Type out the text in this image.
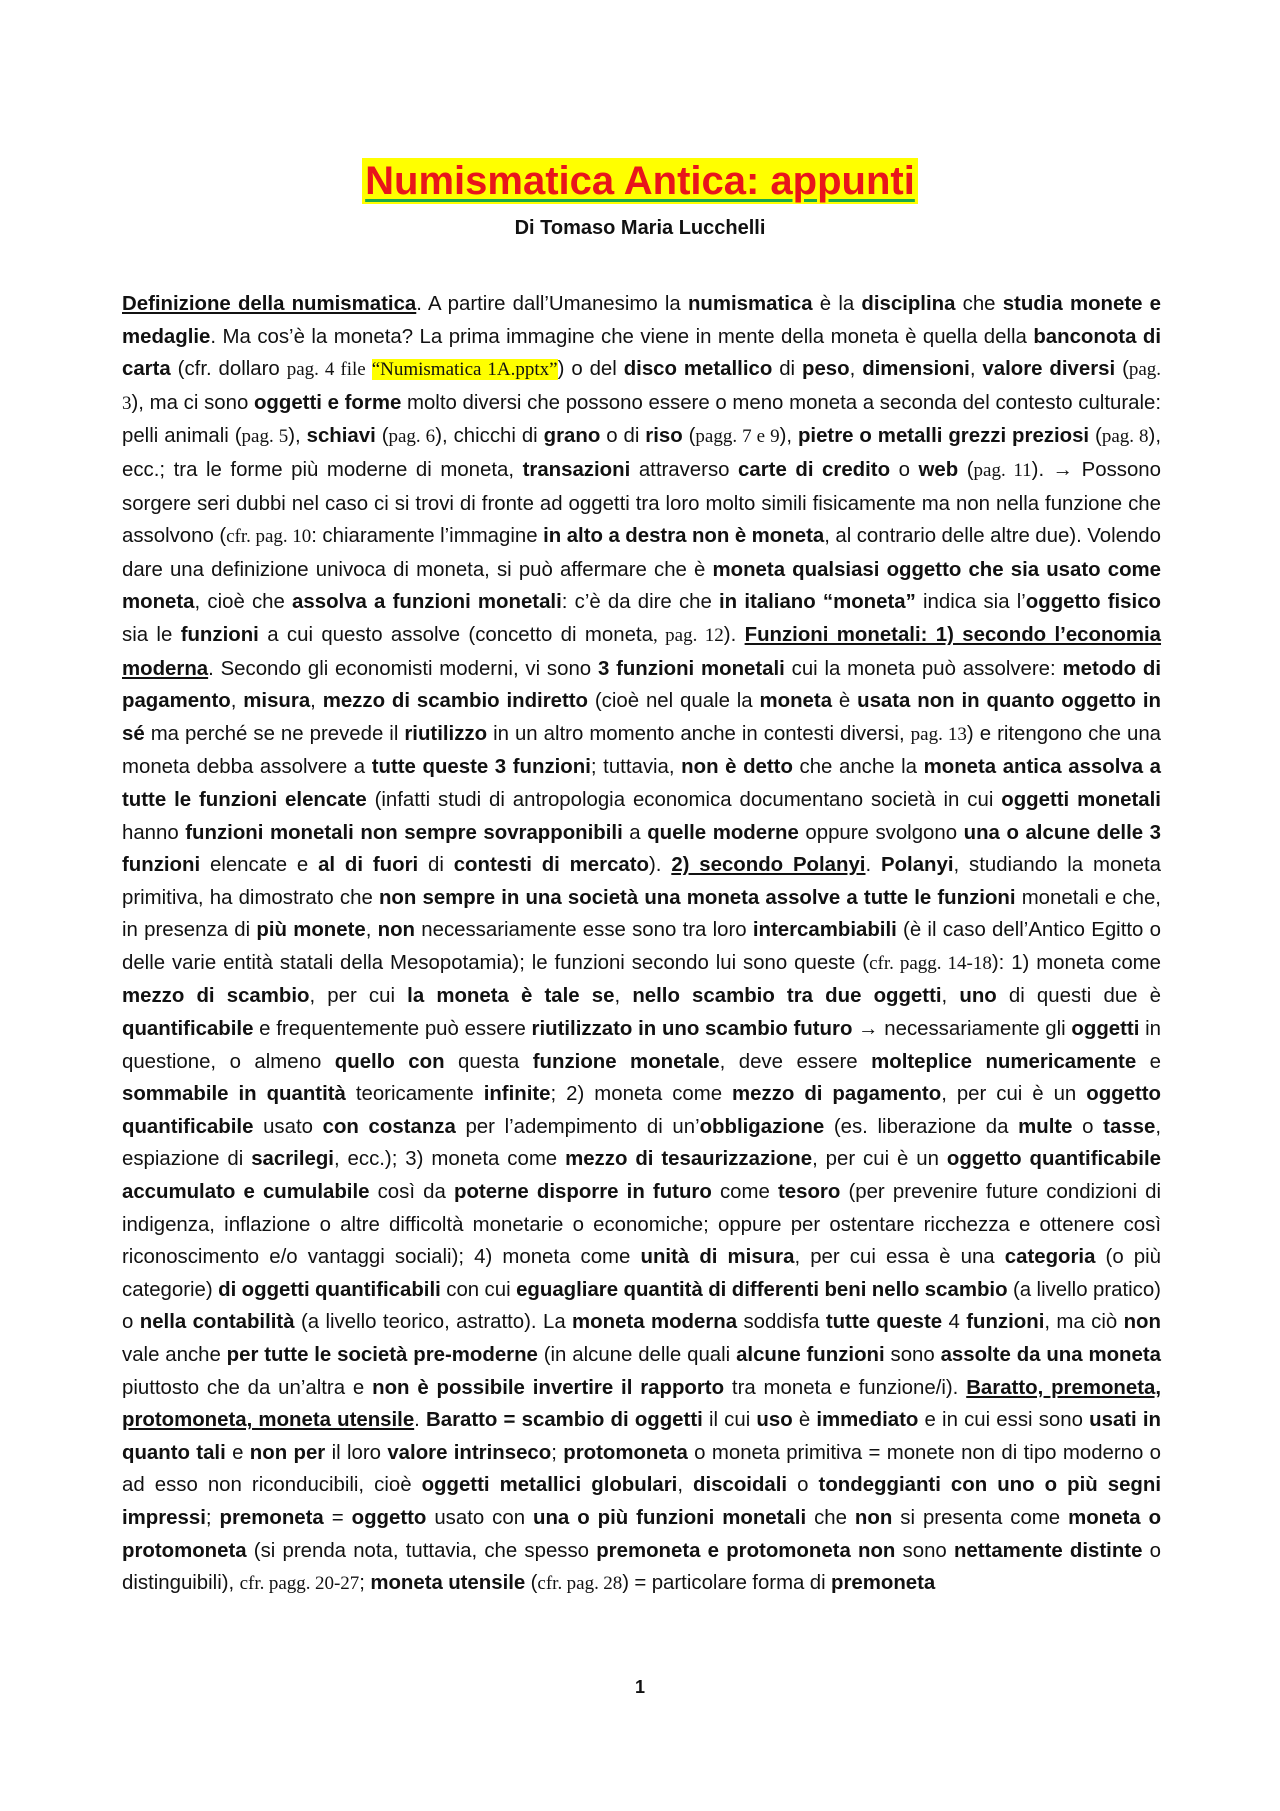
Numismatica Antica: appunti
Di Tomaso Maria Lucchelli
Definizione della numismatica. A partire dall’Umanesimo la numismatica è la disciplina che studia monete e medaglie. Ma cos’è la moneta? La prima immagine che viene in mente della moneta è quella della banconota di carta (cfr. dollaro pag. 4 file “Numismatica 1A.pptx”) o del disco metallico di peso, dimensioni, valore diversi (pag. 3), ma ci sono oggetti e forme molto diversi che possono essere o meno moneta a seconda del contesto culturale: pelli animali (pag. 5), schiavi (pag. 6), chicchi di grano o di riso (pagg. 7 e 9), pietre o metalli grezzi preziosi (pag. 8), ecc.; tra le forme più moderne di moneta, transazioni attraverso carte di credito o web (pag. 11). → Possono sorgere seri dubbi nel caso ci si trovi di fronte ad oggetti tra loro molto simili fisicamente ma non nella funzione che assolvono (cfr. pag. 10: chiaramente l’immagine in alto a destra non è moneta, al contrario delle altre due). Volendo dare una definizione univoca di moneta, si può affermare che è moneta qualsiasi oggetto che sia usato come moneta, cioè che assolva a funzioni monetali: c’è da dire che in italiano “moneta” indica sia l’oggetto fisico sia le funzioni a cui questo assolve (concetto di moneta, pag. 12). Funzioni monetali: 1) secondo l’economia moderna. Secondo gli economisti moderni, vi sono 3 funzioni monetali cui la moneta può assolvere: metodo di pagamento, misura, mezzo di scambio indiretto (cioè nel quale la moneta è usata non in quanto oggetto in sé ma perché se ne prevede il riutilizzo in un altro momento anche in contesti diversi, pag. 13) e ritengono che una moneta debba assolvere a tutte queste 3 funzioni; tuttavia, non è detto che anche la moneta antica assolva a tutte le funzioni elencate (infatti studi di antropologia economica documentano società in cui oggetti monetali hanno funzioni monetali non sempre sovrapponibili a quelle moderne oppure svolgono una o alcune delle 3 funzioni elencate e al di fuori di contesti di mercato). 2) secondo Polanyi. Polanyi, studiando la moneta primitiva, ha dimostrato che non sempre in una società una moneta assolve a tutte le funzioni monetali e che, in presenza di più monete, non necessariamente esse sono tra loro intercambiabili (è il caso dell’Antico Egitto o delle varie entità statali della Mesopotamia); le funzioni secondo lui sono queste (cfr. pagg. 14-18): 1) moneta come mezzo di scambio, per cui la moneta è tale se, nello scambio tra due oggetti, uno di questi due è quantificabile e frequentemente può essere riutilizzato in uno scambio futuro → necessariamente gli oggetti in questione, o almeno quello con questa funzione monetale, deve essere molteplice numericamente e sommabile in quantità teoricamente infinite; 2) moneta come mezzo di pagamento, per cui è un oggetto quantificabile usato con costanza per l’adempimento di un’obbligazione (es. liberazione da multe o tasse, espiazione di sacrilegi, ecc.); 3) moneta come mezzo di tesaurizzazione, per cui è un oggetto quantificabile accumulato e cumulabile così da poterne disporre in futuro come tesoro (per prevenire future condizioni di indigenza, inflazione o altre difficoltà monetarie o economiche; oppure per ostentare ricchezza e ottenere così riconoscimento e/o vantaggi sociali); 4) moneta come unità di misura, per cui essa è una categoria (o più categorie) di oggetti quantificabili con cui eguagliare quantità di differenti beni nello scambio (a livello pratico) o nella contabilità (a livello teorico, astratto). La moneta moderna soddisfa tutte queste 4 funzioni, ma ciò non vale anche per tutte le società pre-moderne (in alcune delle quali alcune funzioni sono assolte da una moneta piuttosto che da un’altra e non è possibile invertire il rapporto tra moneta e funzione/i). Baratto, premoneta, protomoneta, moneta utensile. Baratto = scambio di oggetti il cui uso è immediato e in cui essi sono usati in quanto tali e non per il loro valore intrinseco; protomoneta o moneta primitiva = monete non di tipo moderno o ad esso non riconducibili, cioè oggetti metallici globulari, discoidali o tondeggianti con uno o più segni impressi; premoneta = oggetto usato con una o più funzioni monetali che non si presenta come moneta o protomoneta (si prenda nota, tuttavia, che spesso premoneta e protomoneta non sono nettamente distinte o distinguibili), cfr. pagg. 20-27; moneta utensile (cfr. pag. 28) = particolare forma di premoneta
1
